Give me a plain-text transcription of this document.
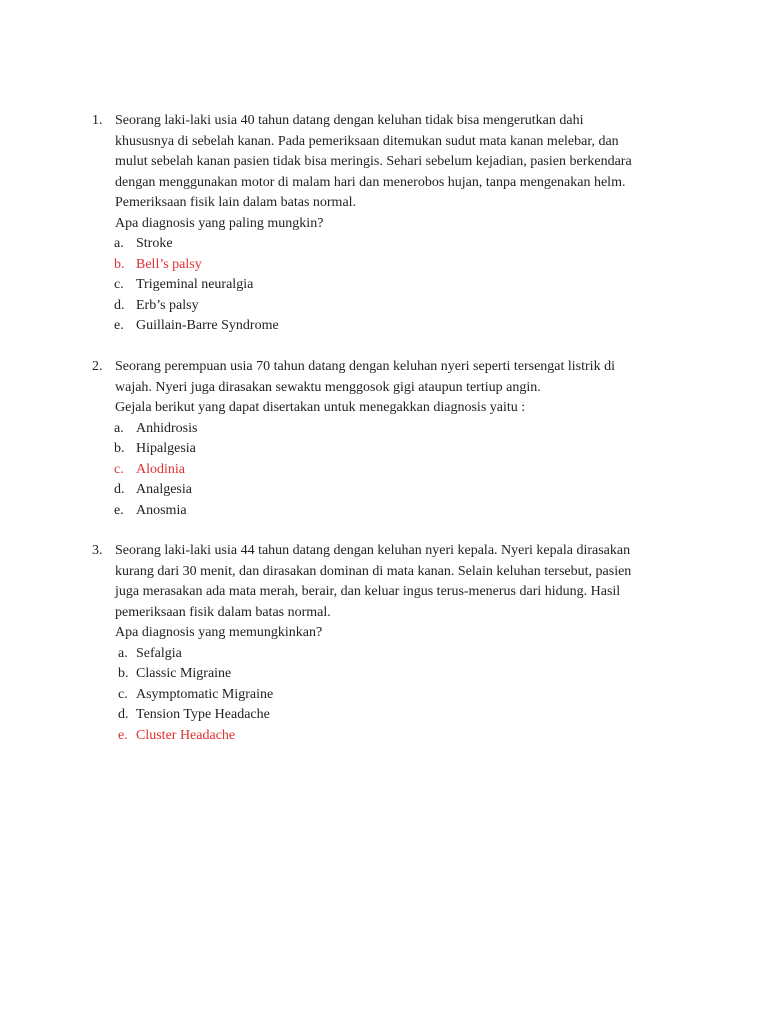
1. Seorang laki-laki usia 40 tahun datang dengan keluhan tidak bisa mengerutkan dahi

khususnya di sebelah kanan. Pada pemeriksaan ditemukan sudut mata kanan melebar, dan

mulut sebelah kanan pasien tidak bisa meringis. Sehari sebelum kejadian, pasien berkendara

dengan menggunakan motor di malam hari dan menerobos hujan, tanpa mengenakan helm.

Pemeriksaan fisik lain dalam batas normal.

Apa diagnosis yang paling mungkin?
a. Stroke
b. Bell’s palsy
c. Trigeminal neuralgia
d. Erb’s palsy
e. Guillain-Barre Syndrome
2. Seorang perempuan usia 70 tahun datang dengan keluhan nyeri seperti tersengat listrik di

wajah. Nyeri juga dirasakan sewaktu menggosok gigi ataupun tertiup angin.

Gejala berikut yang dapat disertakan untuk menegakkan diagnosis yaitu :
a. Anhidrosis
b. Hipalgesia
c. Alodinia
d. Analgesia
e. Anosmia
3. Seorang laki-laki usia 44 tahun datang dengan keluhan nyeri kepala. Nyeri kepala dirasakan

kurang dari 30 menit, dan dirasakan dominan di mata kanan. Selain keluhan tersebut, pasien

juga merasakan ada mata merah, berair, dan keluar ingus terus-menerus dari hidung. Hasil

pemeriksaan fisik dalam batas normal.

Apa diagnosis yang memungkinkan?
a. Sefalgia
b. Classic Migraine
c. Asymptomatic Migraine
d. Tension Type Headache
e. Cluster Headache
